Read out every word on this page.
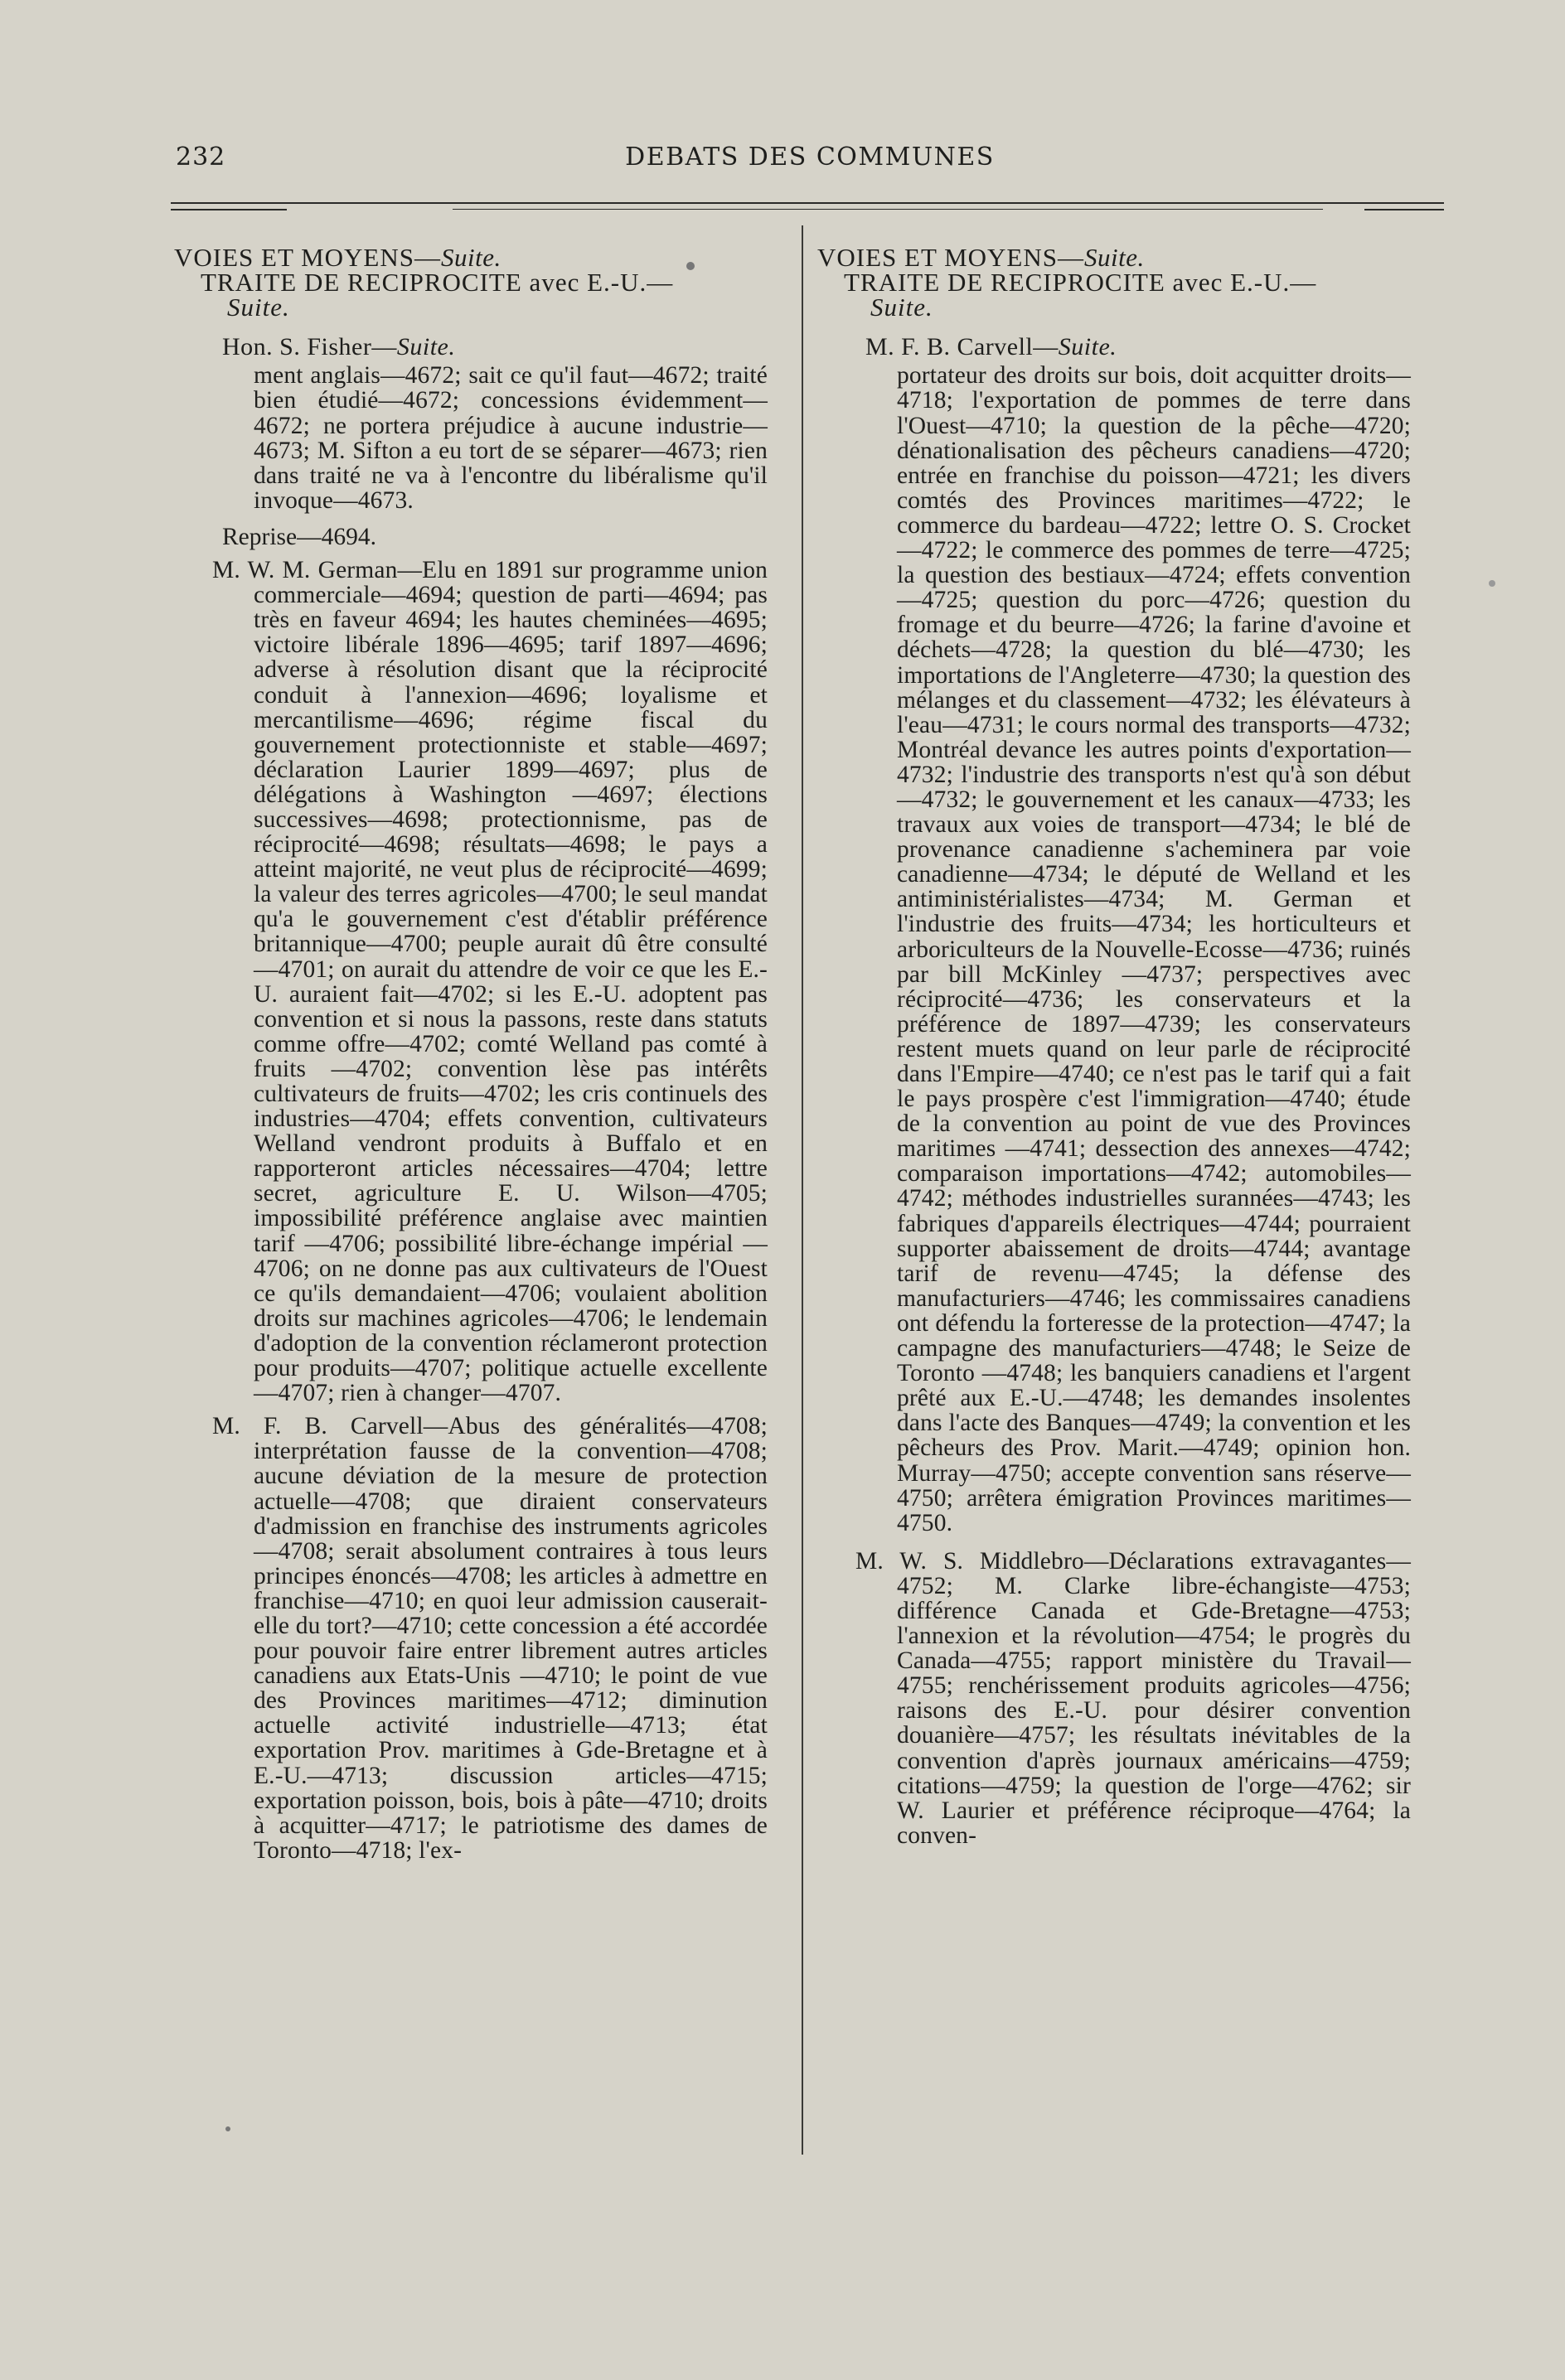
232	DEBATS DES COMMUNES

VOIES ET MOYENS—Suite.

TRAITE DE RECIPROCITE avec E.-U.—
Suite.

Hon. S. Fisher—Suite.

ment anglais—4672; sait ce qu'il faut—4672; traité bien étudié—4672; concessions évidemment—4672; ne portera préjudice à aucune industrie—4673; M. Sifton a eu tort de se séparer—4673; rien dans traité ne va à l'encontre du libéralisme qu'il invoque—4673.

Reprise—4694.

M. W. M. German—Elu en 1891 sur programme union commerciale—4694; question de parti—4694; pas très en faveur 4694; les hautes cheminées—4695; victoire libérale 1896—4695; tarif 1897—4696; adverse à résolution disant que la réciprocité conduit à l'annexion—4696; loyalisme et mercantilisme—4696; régime fiscal du gouvernement protectionniste et stable—4697; déclaration Laurier 1899—4697; plus de délégations à Washington —4697; élections successives—4698; protectionnisme, pas de réciprocité—4698; résultats—4698; le pays a atteint majorité, ne veut plus de réciprocité—4699; la valeur des terres agricoles—4700; le seul mandat qu'a le gouvernement c'est d'établir préférence britannique—4700; peuple aurait dû être consulté—4701; on aurait du attendre de voir ce que les E.-U. auraient fait—4702; si les E.-U. adoptent pas convention et si nous la passons, reste dans statuts comme offre—4702; comté Welland pas comté à fruits —4702; convention lèse pas intérêts cultivateurs de fruits—4702; les cris continuels des industries—4704; effets convention, cultivateurs Welland vendront produits à Buffalo et en rapporteront articles nécessaires—4704; lettre secret, agriculture E. U. Wilson—4705; impossibilité préférence anglaise avec maintien tarif —4706; possibilité libre-échange impérial —4706; on ne donne pas aux cultivateurs de l'Ouest ce qu'ils demandaient—4706; voulaient abolition droits sur machines agricoles—4706; le lendemain d'adoption de la convention réclameront protection pour produits—4707; politique actuelle excellente—4707; rien à changer—4707.

M. F. B. Carvell—Abus des généralités—4708; interprétation fausse de la convention—4708; aucune déviation de la mesure de protection actuelle—4708; que diraient conservateurs d'admission en franchise des instruments agricoles—4708; serait absolument contraires à tous leurs principes énoncés—4708; les articles à admettre en franchise—4710; en quoi leur admission causerait-elle du tort?—4710; cette concession a été accordée pour pouvoir faire entrer librement autres articles canadiens aux Etats-Unis —4710; le point de vue des Provinces maritimes—4712; diminution actuelle activité industrielle—4713; état exportation Prov. maritimes à Gde-Bretagne et à E.-U.—4713; discussion articles—4715; exportation poisson, bois, bois à pâte—4710; droits à acquitter—4717; le patriotisme des dames de Toronto—4718; l'ex-

VOIES ET MOYENS—Suite.

TRAITE DE RECIPROCITE avec E.-U.—
Suite.

M. F. B. Carvell—Suite.

portateur des droits sur bois, doit acquitter droits—4718; l'exportation de pommes de terre dans l'Ouest—4710; la question de la pêche—4720; dénationalisation des pêcheurs canadiens—4720; entrée en franchise du poisson—4721; les divers comtés des Provinces maritimes—4722; le commerce du bardeau—4722; lettre O. S. Crocket—4722; le commerce des pommes de terre—4725; la question des bestiaux—4724; effets convention—4725; question du porc—4726; question du fromage et du beurre—4726; la farine d'avoine et déchets—4728; la question du blé—4730; les importations de l'Angleterre—4730; la question des mélanges et du classement—4732; les élévateurs à l'eau—4731; le cours normal des transports—4732; Montréal devance les autres points d'exportation—4732; l'industrie des transports n'est qu'à son début—4732; le gouvernement et les canaux—4733; les travaux aux voies de transport—4734; le blé de provenance canadienne s'acheminera par voie canadienne—4734; le député de Welland et les antiministérialistes—4734; M. German et l'industrie des fruits—4734; les horticulteurs et arboriculteurs de la Nouvelle-Ecosse—4736; ruinés par bill McKinley —4737; perspectives avec réciprocité—4736; les conservateurs et la préférence de 1897—4739; les conservateurs restent muets quand on leur parle de réciprocité dans l'Empire—4740; ce n'est pas le tarif qui a fait le pays prospère c'est l'immigration—4740; étude de la convention au point de vue des Provinces maritimes —4741; dessection des annexes—4742; comparaison importations—4742; automobiles—4742; méthodes industrielles surannées—4743; les fabriques d'appareils électriques—4744; pourraient supporter abaissement de droits—4744; avantage tarif de revenu—4745; la défense des manufacturiers—4746; les commissaires canadiens ont défendu la forteresse de la protection—4747; la campagne des manufacturiers—4748; le Seize de Toronto —4748; les banquiers canadiens et l'argent prêté aux E.-U.—4748; les demandes insolentes dans l'acte des Banques—4749; la convention et les pêcheurs des Prov. Marit.—4749; opinion hon. Murray—4750; accepte convention sans réserve—4750; arrêtera émigration Provinces maritimes—4750.

M. W. S. Middlebro—Déclarations extravagantes—4752; M. Clarke libre-échangiste—4753; différence Canada et Gde-Bretagne—4753; l'annexion et la révolution—4754; le progrès du Canada—4755; rapport ministère du Travail—4755; renchérissement produits agricoles—4756; raisons des E.-U. pour désirer convention douanière—4757; les résultats inévitables de la convention d'après journaux américains—4759; citations—4759; la question de l'orge—4762; sir W. Laurier et préférence réciproque—4764; la conven-
